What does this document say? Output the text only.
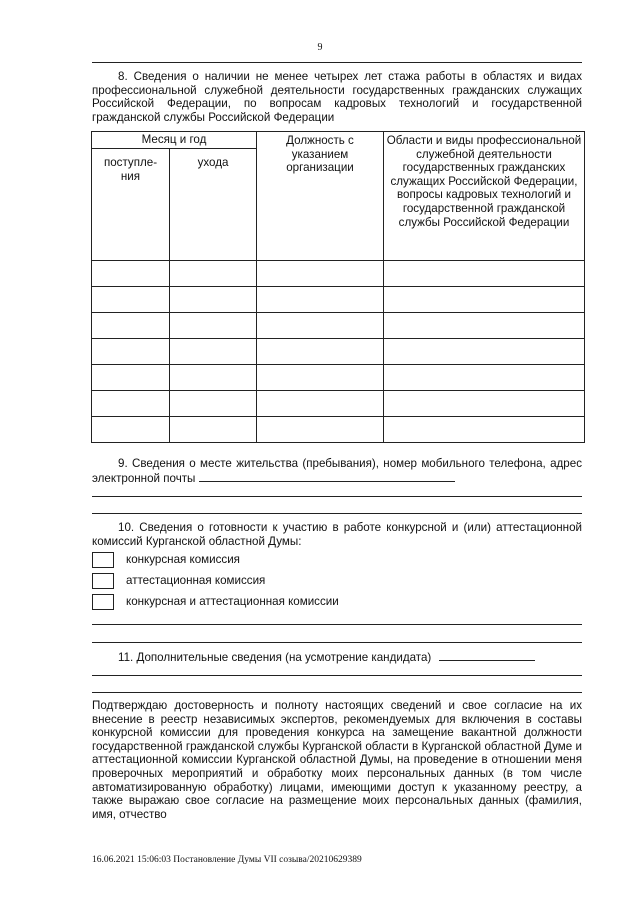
9
8. Сведения о наличии не менее четырех лет стажа работы в областях и видах профессиональной служебной деятельности государственных гражданских служащих Российской Федерации, по вопросам кадровых технологий и государственной гражданской службы Российской Федерации
Месяц и год		Должность с указанием организации	Области и виды профессиональной служебной деятельности государственных гражданских служащих Российской Федерации, вопросы кадровых технологий и государственной гражданской службы Российской Федерации
поступле-ния	ухода		

9. Сведения о месте жительства (пребывания), номер мобильного телефона, адрес электронной почты
10. Сведения о готовности к участию в работе конкурсной и (или) аттестационной комиссий Курганской областной Думы:
конкурсная комиссия
аттестационная комиссия
конкурсная и аттестационная комиссии
11. Дополнительные сведения (на усмотрение кандидата)
Подтверждаю достоверность и полноту настоящих сведений и свое согласие на их внесение в реестр независимых экспертов, рекомендуемых для включения в составы конкурсной комиссии для проведения конкурса на замещение вакантной должности государственной гражданской службы Курганской области в Курганской областной Думе и аттестационной комиссии Курганской областной Думы, на проведение в отношении меня проверочных мероприятий и обработку моих персональных данных (в том числе автоматизированную обработку) лицами, имеющими доступ к указанному реестру, а также выражаю свое согласие на размещение моих персональных данных (фамилия, имя, отчество
16.06.2021 15:06:03 Постановление Думы VII созыва/20210629389
